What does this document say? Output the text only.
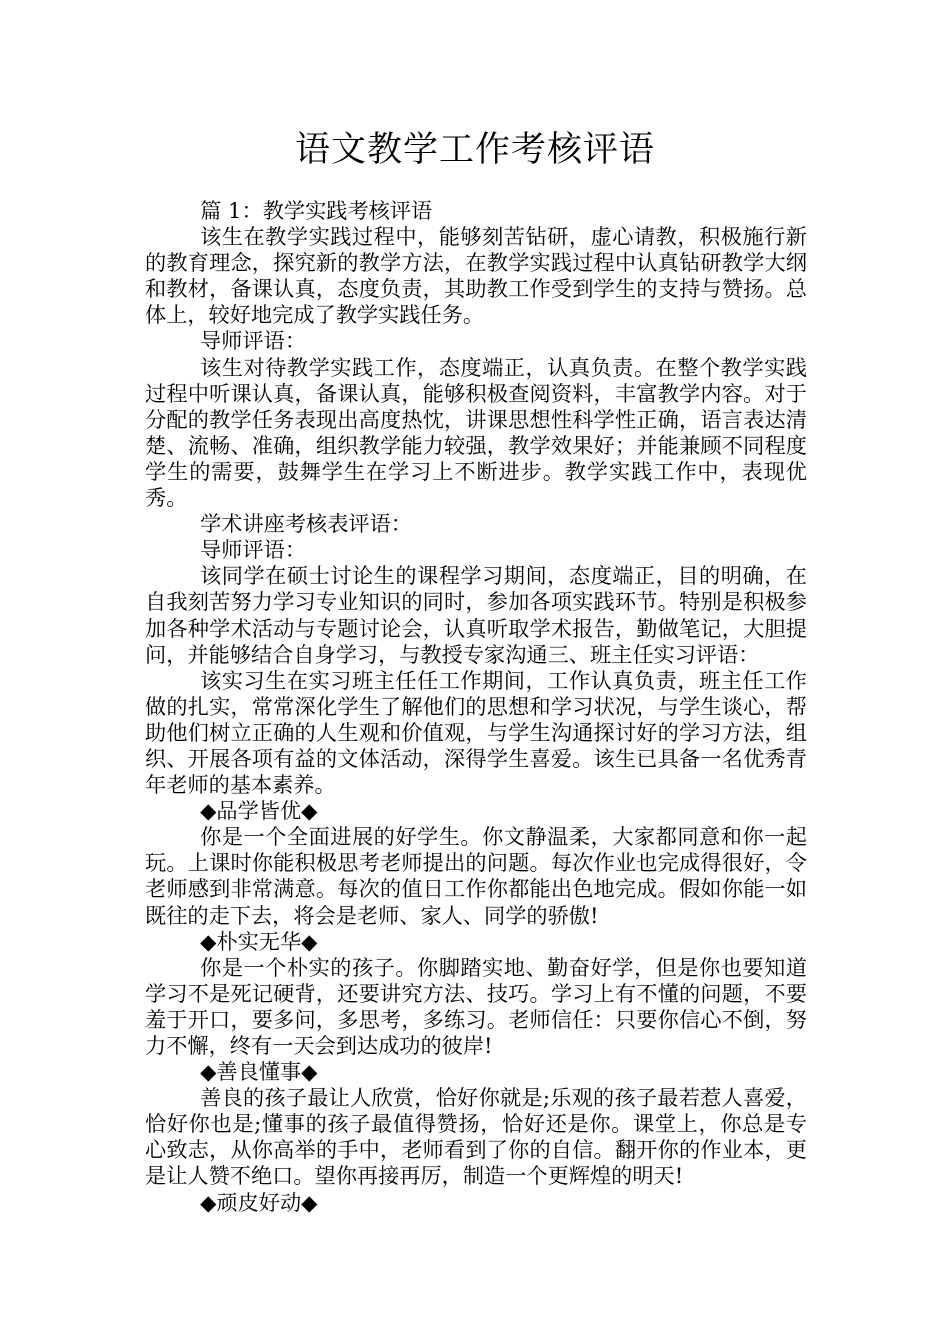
语文教学工作考核评语

篇 1：教学实践考核评语

该生在教学实践过程中，能够刻苦钻研，虚心请教，积极施行新的教育理念，探究新的教学方法，在教学实践过程中认真钻研教学大纲和教材，备课认真，态度负责，其助教工作受到学生的支持与赞扬。总体上，较好地完成了教学实践任务。

导师评语：

该生对待教学实践工作，态度端正，认真负责。在整个教学实践过程中听课认真，备课认真，能够积极查阅资料，丰富教学内容。对于分配的教学任务表现出高度热忱，讲课思想性科学性正确，语言表达清楚、流畅、准确，组织教学能力较强，教学效果好；并能兼顾不同程度学生的需要，鼓舞学生在学习上不断进步。教学实践工作中，表现优秀。

学术讲座考核表评语：

导师评语：

该同学在硕士讨论生的课程学习期间，态度端正，目的明确，在自我刻苦努力学习专业知识的同时，参加各项实践环节。特别是积极参加各种学术活动与专题讨论会，认真听取学术报告，勤做笔记，大胆提问，并能够结合自身学习，与教授专家沟通三、班主任实习评语：

该实习生在实习班主任任工作期间，工作认真负责，班主任工作做的扎实，常常深化学生了解他们的思想和学习状况，与学生谈心，帮助他们树立正确的人生观和价值观，与学生沟通探讨好的学习方法，组织、开展各项有益的文体活动，深得学生喜爱。该生已具备一名优秀青年老师的基本素养。

◆品学皆优◆

你是一个全面进展的好学生。你文静温柔，大家都同意和你一起玩。上课时你能积极思考老师提出的问题。每次作业也完成得很好，令老师感到非常满意。每次的值日工作你都能出色地完成。假如你能一如既往的走下去，将会是老师、家人、同学的骄傲!

◆朴实无华◆

你是一个朴实的孩子。你脚踏实地、勤奋好学，但是你也要知道学习不是死记硬背，还要讲究方法、技巧。学习上有不懂的问题，不要羞于开口，要多问，多思考，多练习。老师信任：只要你信心不倒，努力不懈，终有一天会到达成功的彼岸!

◆善良懂事◆

善良的孩子最让人欣赏，恰好你就是;乐观的孩子最若惹人喜爱，恰好你也是;懂事的孩子最值得赞扬，恰好还是你。课堂上，你总是专心致志，从你高举的手中，老师看到了你的自信。翻开你的作业本，更是让人赞不绝口。望你再接再厉，制造一个更辉煌的明天!

◆顽皮好动◆
